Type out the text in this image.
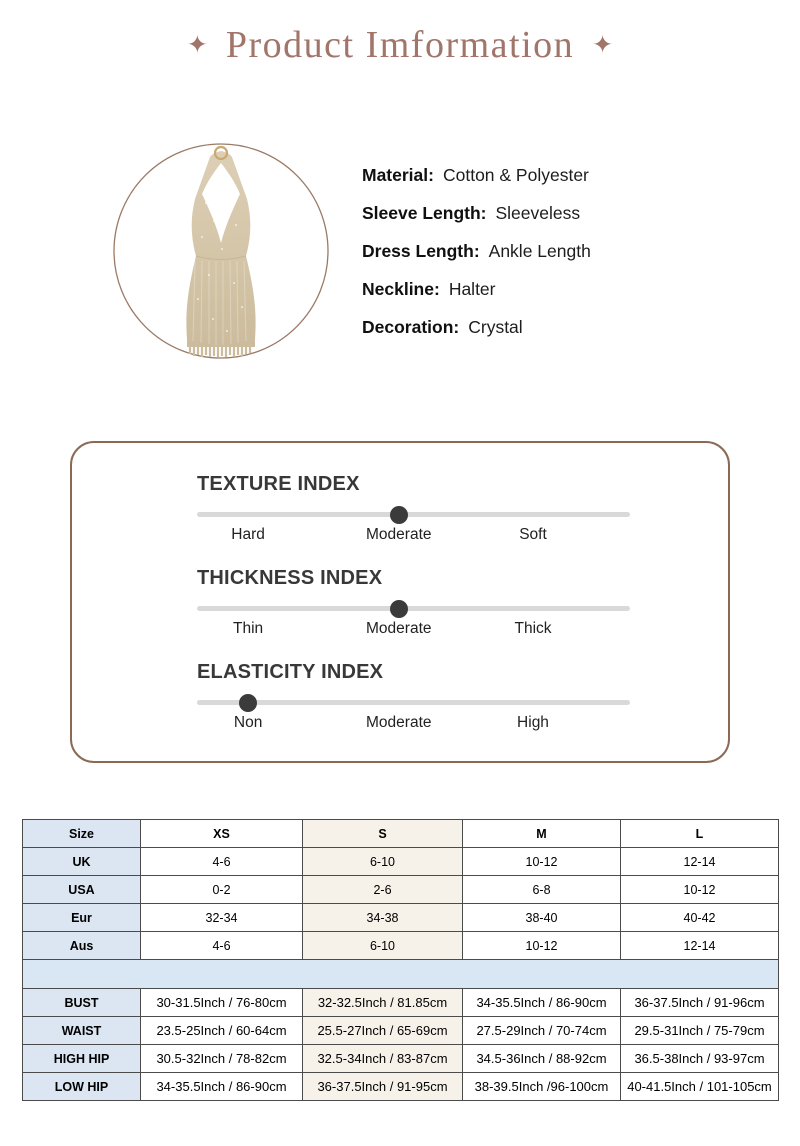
✦ Product Imformation ✦
Material: Cotton & Polyester
Sleeve Length: Sleeveless
Dress Length: Ankle Length
Neckline: Halter
Decoration: Crystal
TEXTURE INDEX
Hard	Moderate	Soft
THICKNESS INDEX
Thin	Moderate	Thick
ELASTICITY INDEX
Non	Moderate	High
Size	XS	S	M	L
UK	4-6	6-10	10-12	12-14
USA	0-2	2-6	6-8	10-12
Eur	32-34	34-38	38-40	40-42
Aus	4-6	6-10	10-12	12-14

BUST	30-31.5Inch / 76-80cm	32-32.5Inch / 81.85cm	34-35.5Inch / 86-90cm	36-37.5Inch / 91-96cm
WAIST	23.5-25Inch / 60-64cm	25.5-27Inch / 65-69cm	27.5-29Inch / 70-74cm	29.5-31Inch / 75-79cm
HIGH HIP	30.5-32Inch / 78-82cm	32.5-34Inch / 83-87cm	34.5-36Inch / 88-92cm	36.5-38Inch / 93-97cm
LOW HIP	34-35.5Inch / 86-90cm	36-37.5Inch / 91-95cm	38-39.5Inch /96-100cm	40-41.5Inch / 101-105cm
